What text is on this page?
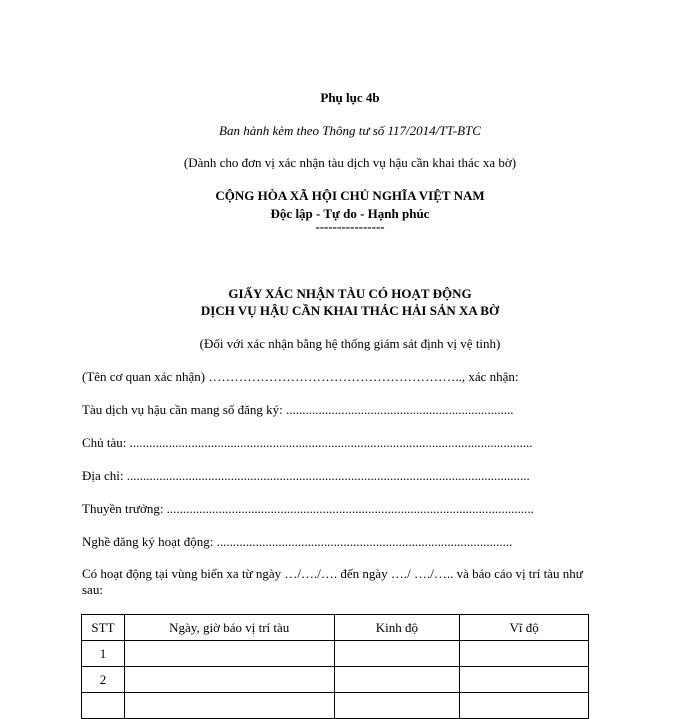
Phụ lục 4b
Ban hành kèm theo Thông tư số 117/2014/TT-BTC
(Dành cho đơn vị xác nhận tàu dịch vụ hậu cần khai thác xa bờ)
CỘNG HÒA XÃ HỘI CHỦ NGHĨA VIỆT NAM
Độc lập - Tự do - Hạnh phúc
----------------
GIẤY XÁC NHẬN TÀU CÓ HOẠT ĐỘNG
DỊCH VỤ HẬU CẦN KHAI THÁC HẢI SẢN XA BỜ
(Đối với xác nhận bằng hệ thống giám sát định vị vệ tinh)
(Tên cơ quan xác nhận) ………………………………………………….., xác nhận:
Tàu dịch vụ hậu cần mang số đăng ký: ......................................................................
Chủ tàu: ............................................................................................................................
Địa chỉ: ............................................................................................................................
Thuyền trưởng: .................................................................................................................
Nghề đăng ký hoạt động: ...........................................................................................
Có hoạt động tại vùng biển xa từ ngày …/…./…. đến ngày …./ …./….. và báo cáo vị trí tàu như
sau:
STT	Ngày, giờ báo vị trí tàu	Kinh độ	Vĩ độ
1			
2			
